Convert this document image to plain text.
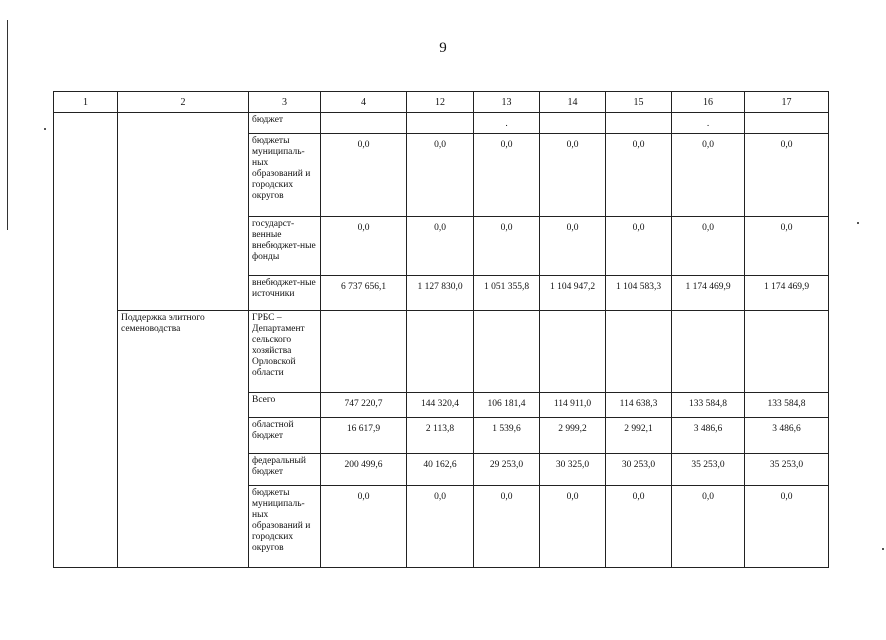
9
1	2	3	4	12	13	14	15	16	17
		бюджет			.			.	
		бюджеты муниципаль-ных образований и городских округов	0,0	0,0	0,0	0,0	0,0	0,0	0,0
		государст-венные внебюджет-ные фонды	0,0	0,0	0,0	0,0	0,0	0,0	0,0
		внебюджет-ные источники	6 737 656,1	1 127 830,0	1 051 355,8	1 104 947,2	1 104 583,3	1 174 469,9	1 174 469,9
	Поддержка элитного семеноводства	ГРБС – Департамент сельского хозяйства Орловской области							
		Всего	747 220,7	144 320,4	106 181,4	114 911,0	114 638,3	133 584,8	133 584,8
		областной бюджет	16 617,9	2 113,8	1 539,6	2 999,2	2 992,1	3 486,6	3 486,6
		федеральный бюджет	200 499,6	40 162,6	29 253,0	30 325,0	30 253,0	35 253,0	35 253,0
		бюджеты муниципаль-ных образований и городских округов	0,0	0,0	0,0	0,0	0,0	0,0	0,0
